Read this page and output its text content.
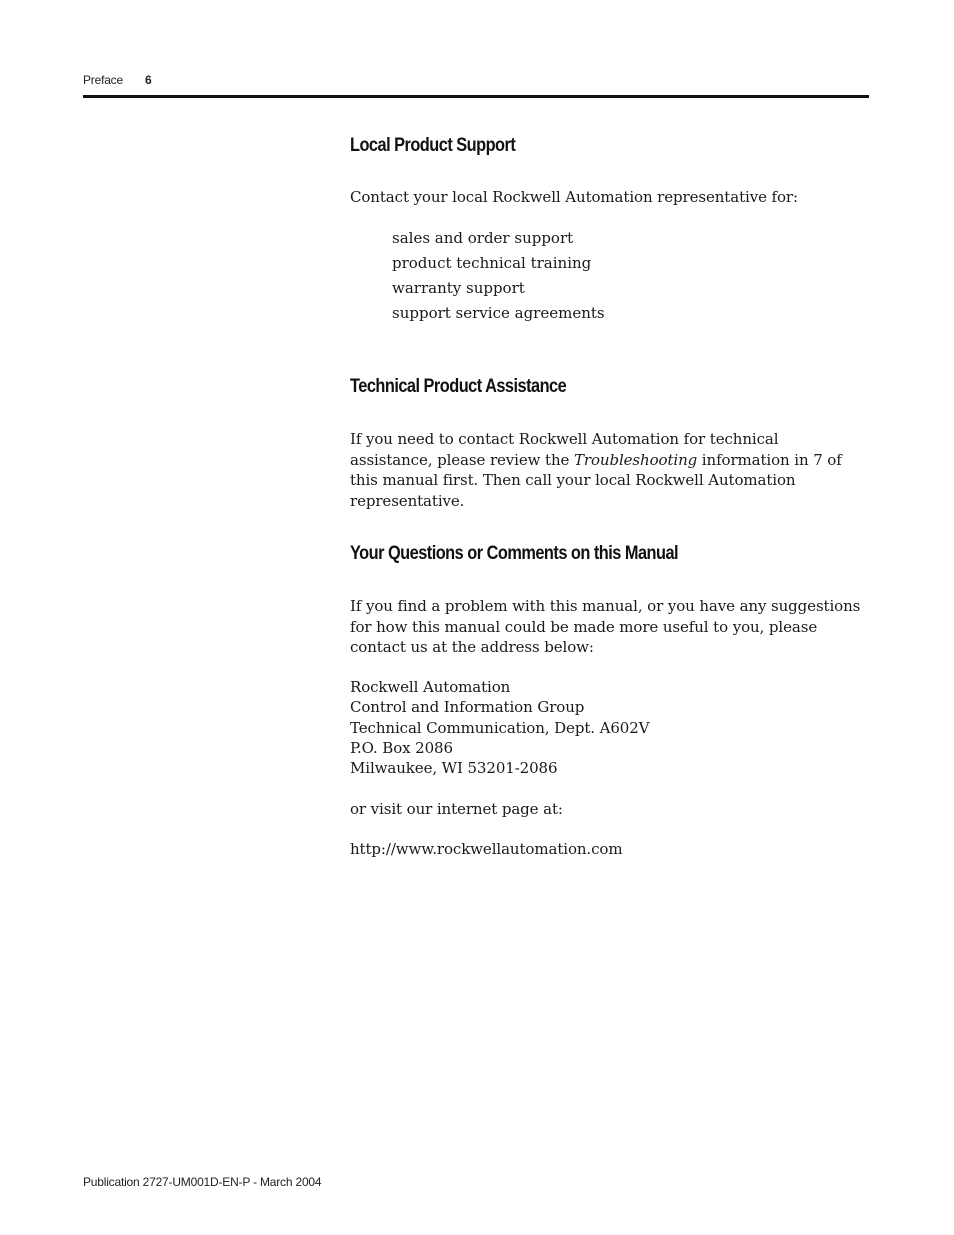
Preface 6
Local Product Support

Contact your local Rockwell Automation representative for:

sales and order support
product technical training
warranty support
support service agreements
Technical Product Assistance

If you need to contact Rockwell Automation for technical assistance, please review the Troubleshooting information in 7 of this manual first. Then call your local Rockwell Automation representative.

Your Questions or Comments on this Manual

If you find a problem with this manual, or you have any suggestions for how this manual could be made more useful to you, please contact us at the address below:

Rockwell Automation
Control and Information Group
Technical Communication, Dept. A602V
P.O. Box 2086
Milwaukee, WI 53201-2086

or visit our internet page at:

http://www.rockwellautomation.com

Publication 2727-UM001D-EN-P - March 2004
